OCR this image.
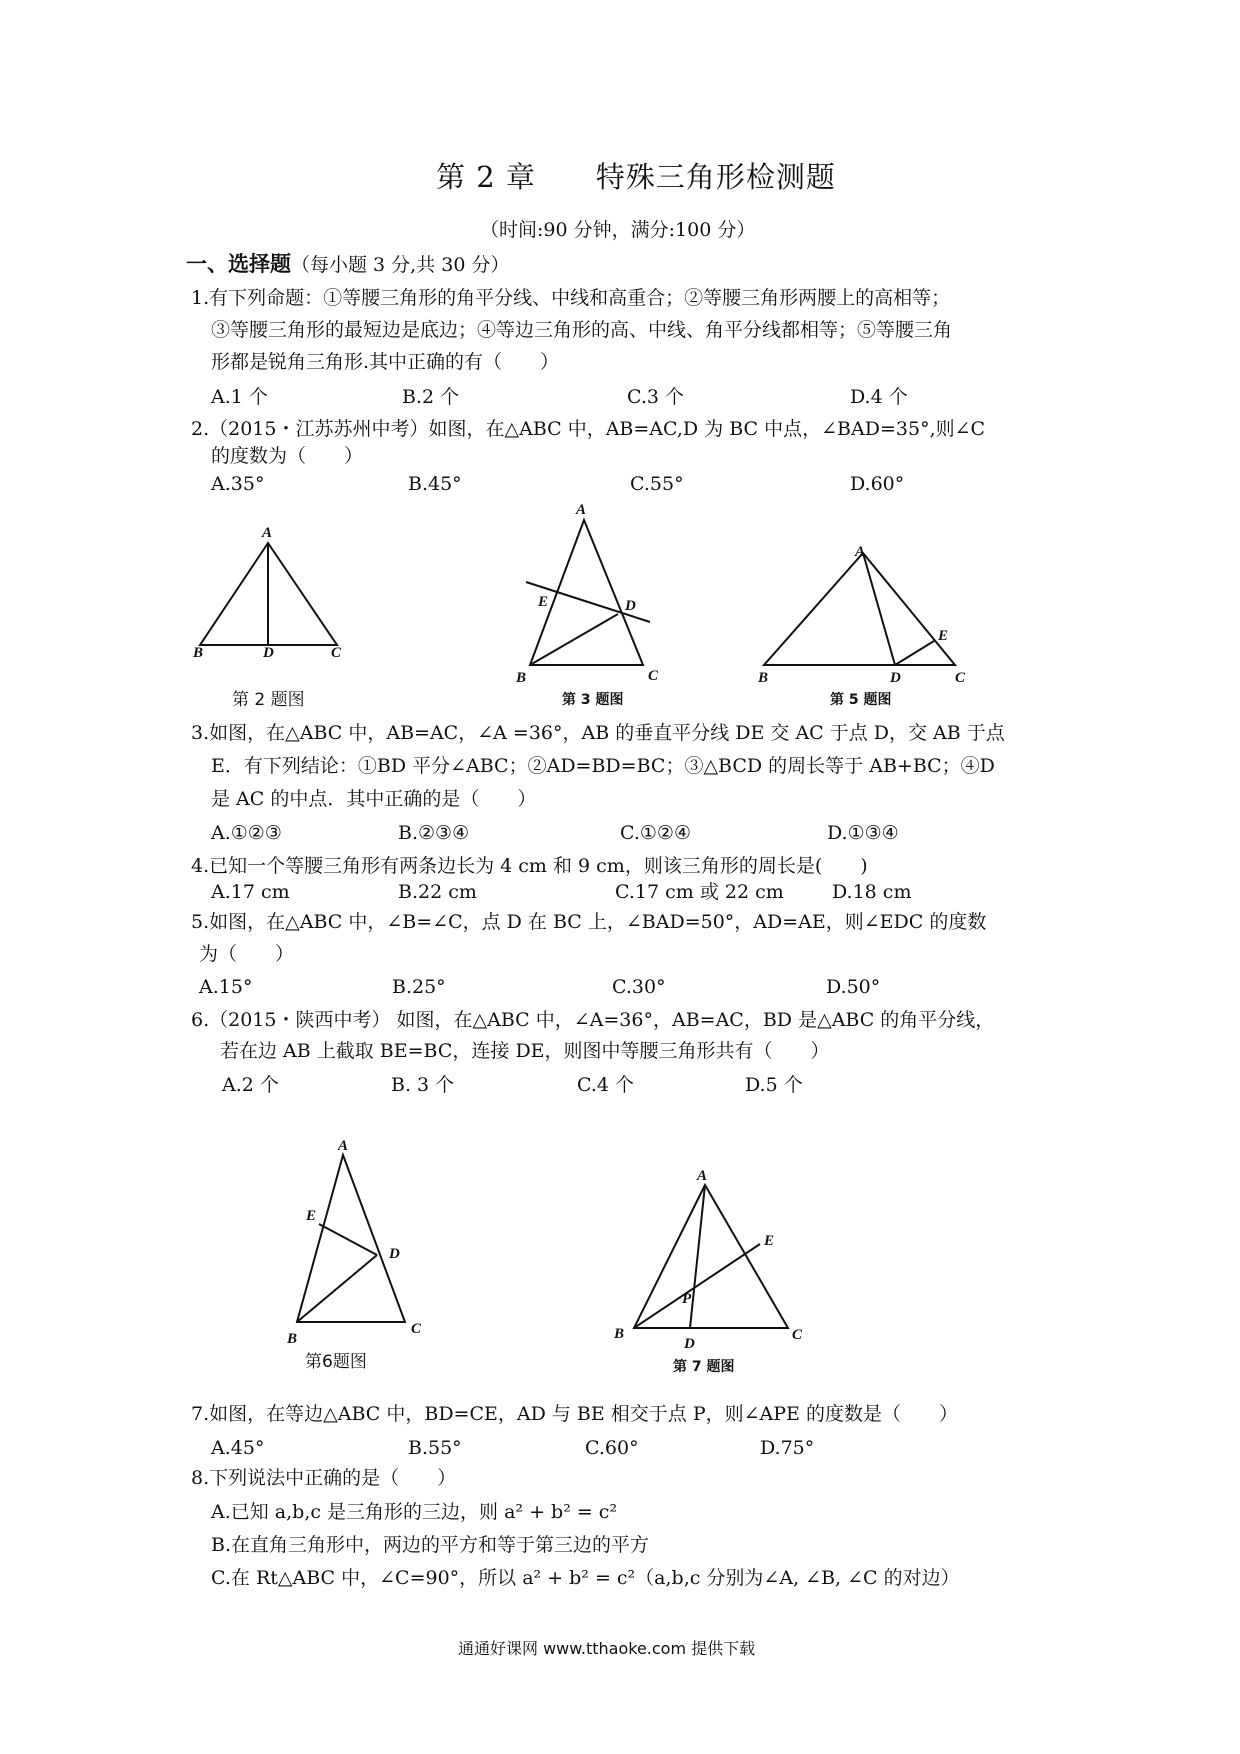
第 2 章　　特殊三角形检测题
（时间:90 分钟，满分:100 分）
一、选择题（每小题 3 分,共 30 分）
1.有下列命题：①等腰三角形的角平分线、中线和高重合；②等腰三角形两腰上的高相等；
③等腰三角形的最短边是底边；④等边三角形的高、中线、角平分线都相等；⑤等腰三角
形都是锐角三角形.其中正确的有（　　）
A.1 个	B.2 个	C.3 个	D.4 个
2.（2015・江苏苏州中考）如图，在△ABC 中，AB=AC,D 为 BC 中点，∠BAD=35°,则∠C
的度数为（　　）
A.35°	B.45°	C.55°	D.60°
A
B	D	C
第 2 题图
A
E	D
B	C
第 3 题图
A
E
B	D	C
第 5 题图
3.如图，在△ABC 中，AB=AC，∠A =36°，AB 的垂直平分线 DE 交 AC 于点 D，交 AB 于点
E．有下列结论：①BD 平分∠ABC；②AD=BD=BC；③△BCD 的周长等于 AB+BC；④D
是 AC 的中点．其中正确的是（　　）
A.①②③	B.②③④	C.①②④	D.①③④
4.已知一个等腰三角形有两条边长为 4 cm 和 9 cm，则该三角形的周长是(　　)
A.17 cm	B.22 cm	C.17 cm 或 22 cm	D.18 cm
5.如图，在△ABC 中，∠B=∠C，点 D 在 BC 上，∠BAD=50°，AD=AE，则∠EDC 的度数
为（　　）
A.15°	B.25°	C.30°	D.50°
6.（2015・陕西中考） 如图，在△ABC 中，∠A=36°，AB=AC，BD 是△ABC 的角平分线，
若在边 AB 上截取 BE=BC，连接 DE，则图中等腰三角形共有（　　）
A.2 个	B. 3 个	C.4 个	D.5 个
A
E
D
B
C
第6题图
A
E
P
B
D
C
第 7 题图
7.如图，在等边△ABC 中，BD=CE，AD 与 BE 相交于点 P，则∠APE 的度数是（　　）
A.45°	B.55°	C.60°	D.75°
8.下列说法中正确的是（　　）
A.已知 a,b,c 是三角形的三边，则 a² + b² = c²
B.在直角三角形中，两边的平方和等于第三边的平方
C.在 Rt△ABC 中，∠C=90°，所以 a² + b² = c²（a,b,c 分别为∠A, ∠B, ∠C 的对边）
通通好课网 www.tthaoke.com 提供下载
